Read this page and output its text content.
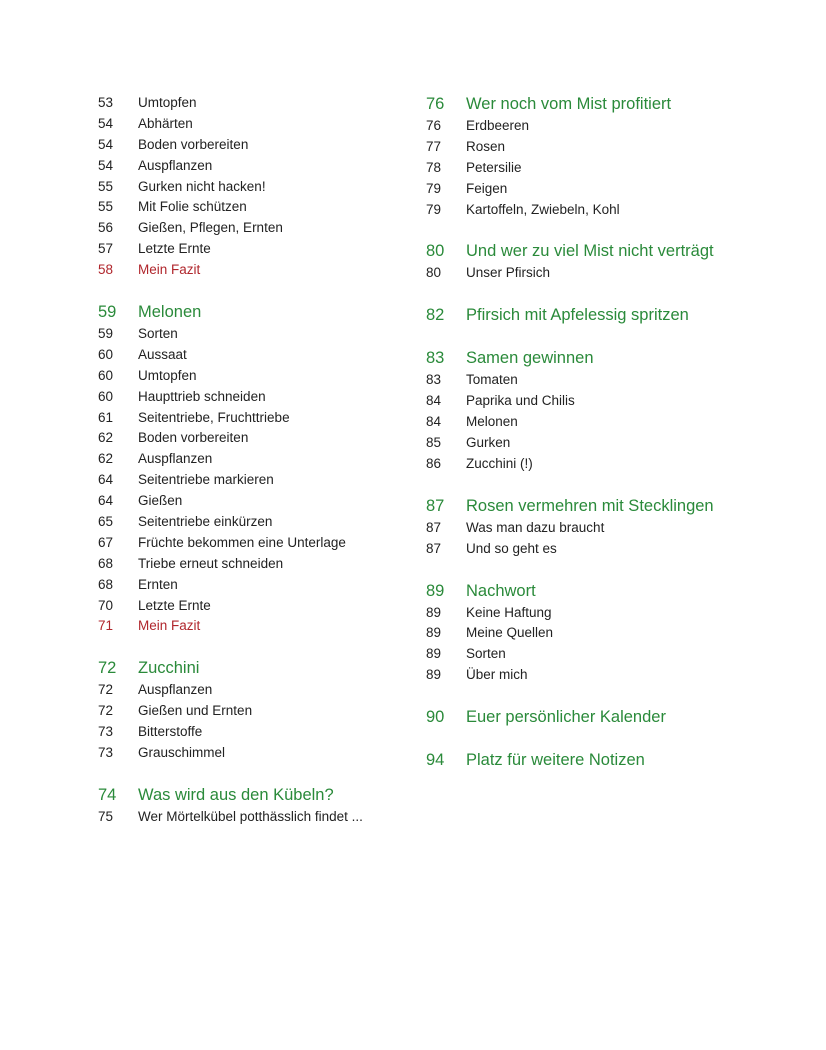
53	Umtopfen
54	Abhärten
54	Boden vorbereiten
54	Auspflanzen
55	Gurken nicht hacken!
55	Mit Folie schützen
56	Gießen, Pflegen, Ernten
57	Letzte Ernte
58	Mein Fazit
59	Melonen
59	Sorten
60	Aussaat
60	Umtopfen
60	Haupttrieb schneiden
61	Seitentriebe, Fruchttriebe
62	Boden vorbereiten
62	Auspflanzen
64	Seitentriebe markieren
64	Gießen
65	Seitentriebe einkürzen
67	Früchte bekommen eine Unterlage
68	Triebe erneut schneiden
68	Ernten
70	Letzte Ernte
71	Mein Fazit
72	Zucchini
72	Auspflanzen
72	Gießen und Ernten
73	Bitterstoffe
73	Grauschimmel
74	Was wird aus den Kübeln?
75	Wer Mörtelkübel potthässlich findet ...
76	Wer noch vom Mist profitiert
76	Erdbeeren
77	Rosen
78	Petersilie
79	Feigen
79	Kartoffeln, Zwiebeln, Kohl
80	Und wer zu viel Mist nicht verträgt
80	Unser Pfirsich
82	Pfirsich mit Apfelessig spritzen
83	Samen gewinnen
83	Tomaten
84	Paprika und Chilis
84	Melonen
85	Gurken
86	Zucchini (!)
87	Rosen vermehren mit Stecklingen
87	Was man dazu braucht
87	Und so geht es
89	Nachwort
89	Keine Haftung
89	Meine Quellen
89	Sorten
89	Über mich
90	Euer persönlicher Kalender
94	Platz für weitere Notizen
